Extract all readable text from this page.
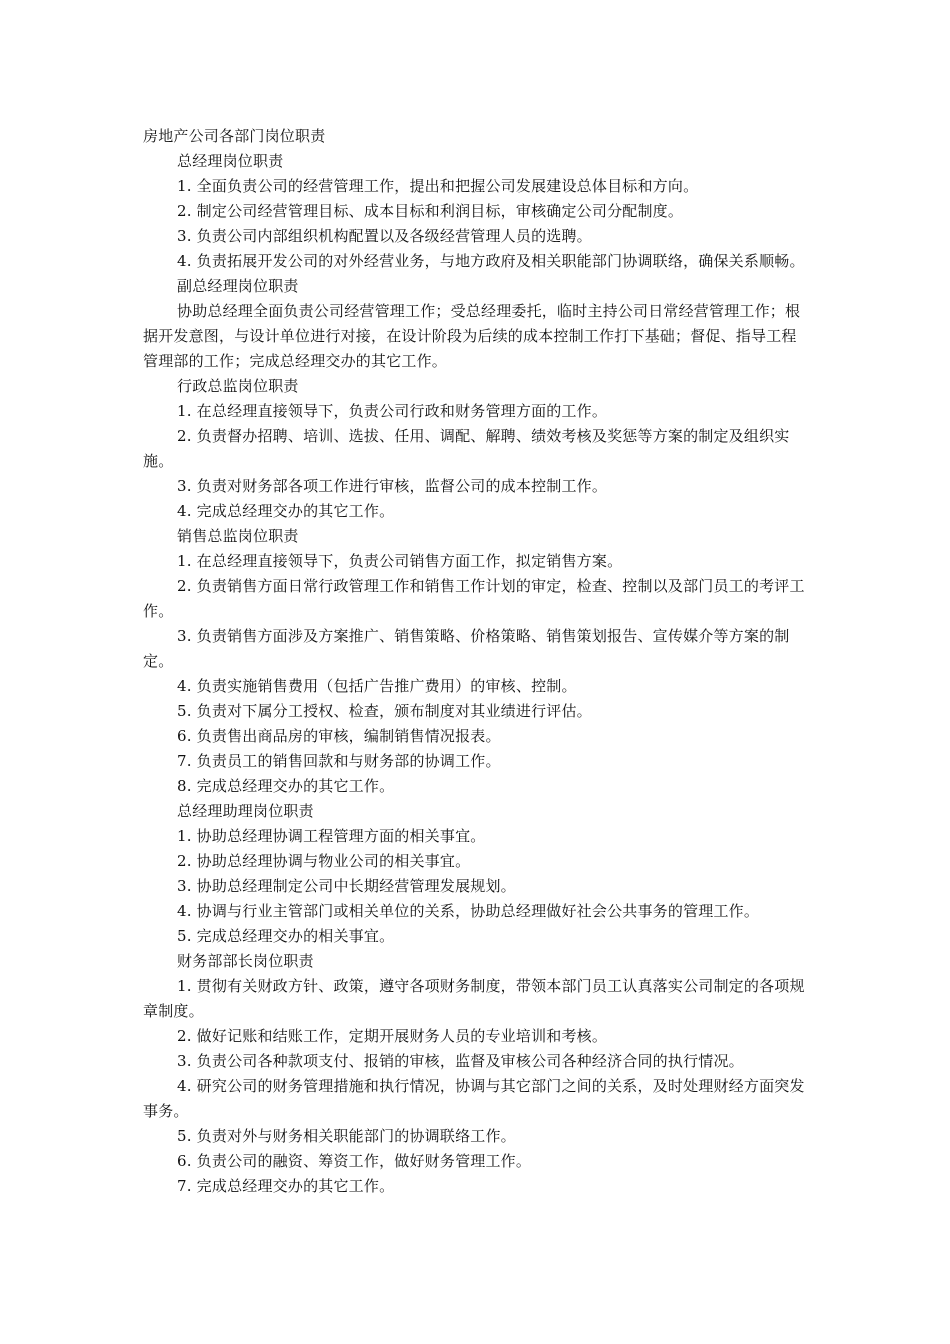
房地产公司各部门岗位职责

总经理岗位职责

1. 全面负责公司的经营管理工作，提出和把握公司发展建设总体目标和方向。

2. 制定公司经营管理目标、成本目标和利润目标，审核确定公司分配制度。

3. 负责公司内部组织机构配置以及各级经营管理人员的选聘。

4. 负责拓展开发公司的对外经营业务，与地方政府及相关职能部门协调联络，确保关系顺畅。

副总经理岗位职责

协助总经理全面负责公司经营管理工作；受总经理委托，临时主持公司日常经营管理工作；根据开发意图，与设计单位进行对接，在设计阶段为后续的成本控制工作打下基础；督促、指导工程管理部的工作；完成总经理交办的其它工作。

行政总监岗位职责

1. 在总经理直接领导下，负责公司行政和财务管理方面的工作。

2. 负责督办招聘、培训、选拔、任用、调配、解聘、绩效考核及奖惩等方案的制定及组织实施。

3. 负责对财务部各项工作进行审核，监督公司的成本控制工作。

4. 完成总经理交办的其它工作。

销售总监岗位职责

1. 在总经理直接领导下，负责公司销售方面工作，拟定销售方案。

2. 负责销售方面日常行政管理工作和销售工作计划的审定，检查、控制以及部门员工的考评工作。

3. 负责销售方面涉及方案推广、销售策略、价格策略、销售策划报告、宣传媒介等方案的制定。

4. 负责实施销售费用（包括广告推广费用）的审核、控制。

5. 负责对下属分工授权、检查，颁布制度对其业绩进行评估。

6. 负责售出商品房的审核，编制销售情况报表。

7. 负责员工的销售回款和与财务部的协调工作。

8. 完成总经理交办的其它工作。

总经理助理岗位职责

1. 协助总经理协调工程管理方面的相关事宜。

2. 协助总经理协调与物业公司的相关事宜。

3. 协助总经理制定公司中长期经营管理发展规划。

4. 协调与行业主管部门或相关单位的关系，协助总经理做好社会公共事务的管理工作。

5. 完成总经理交办的相关事宜。

财务部部长岗位职责

1. 贯彻有关财政方针、政策，遵守各项财务制度，带领本部门员工认真落实公司制定的各项规章制度。

2. 做好记账和结账工作，定期开展财务人员的专业培训和考核。

3. 负责公司各种款项支付、报销的审核，监督及审核公司各种经济合同的执行情况。

4. 研究公司的财务管理措施和执行情况，协调与其它部门之间的关系，及时处理财经方面突发事务。

5. 负责对外与财务相关职能部门的协调联络工作。

6. 负责公司的融资、筹资工作，做好财务管理工作。

7. 完成总经理交办的其它工作。
